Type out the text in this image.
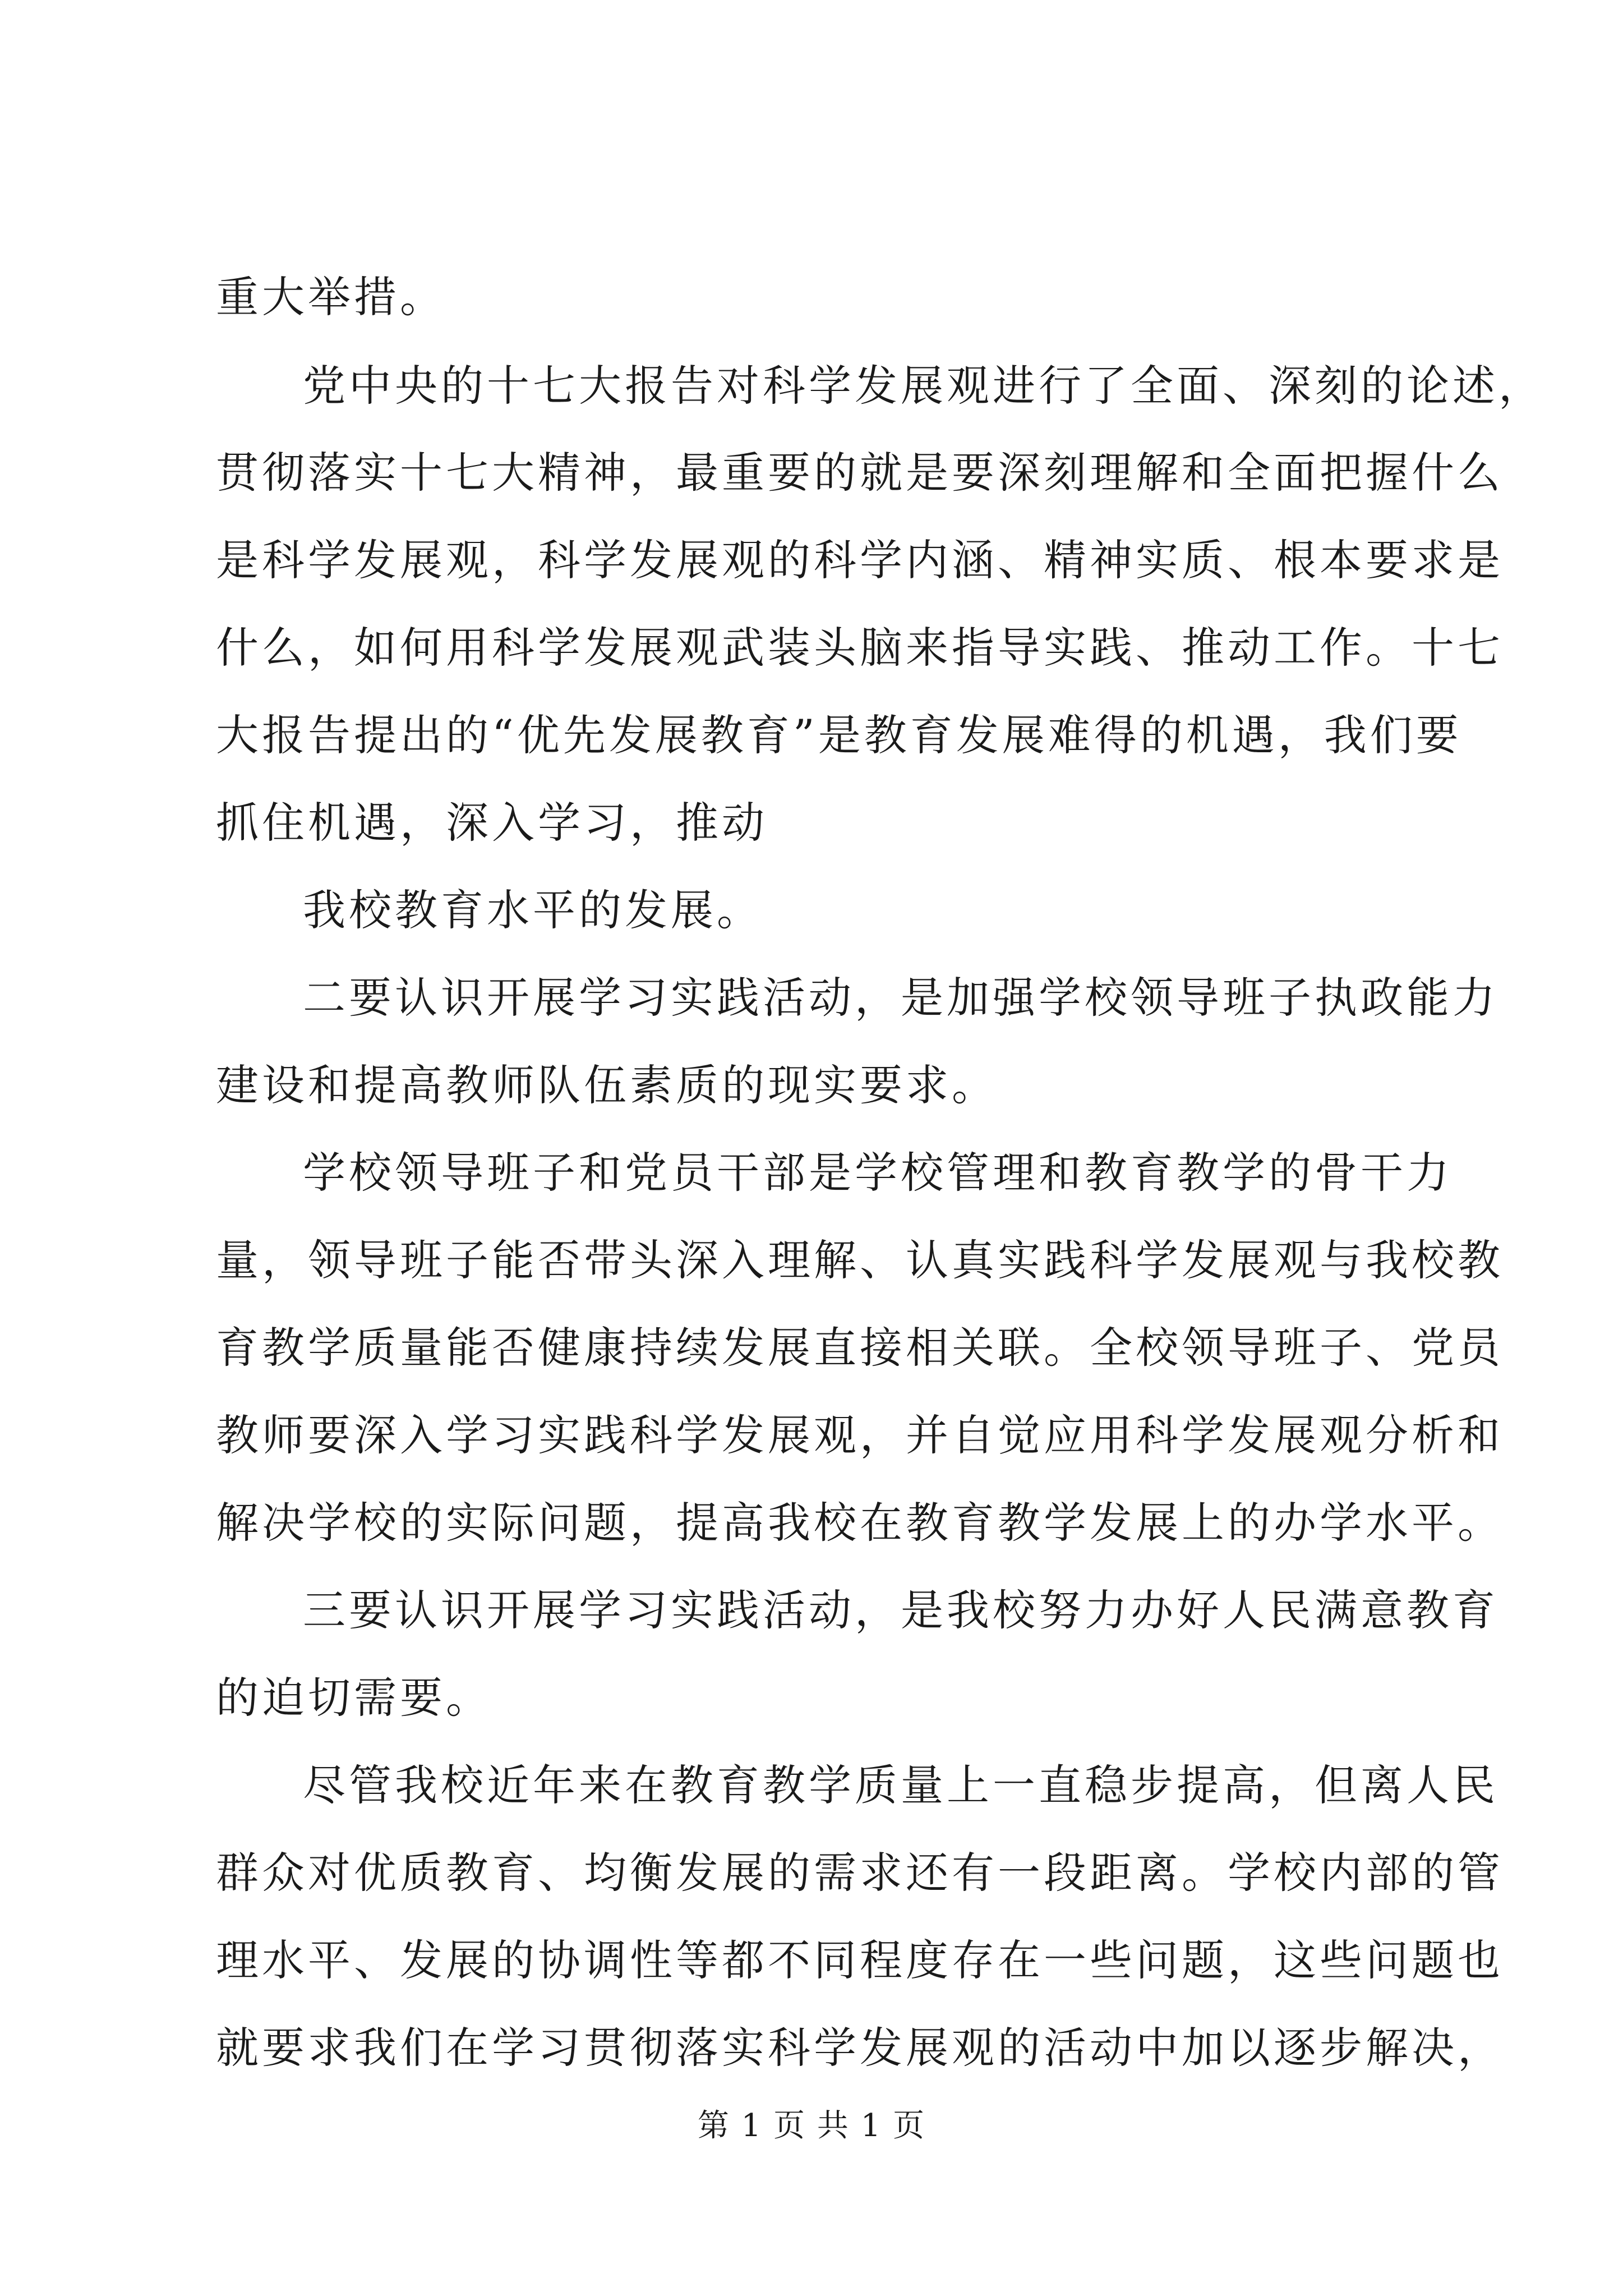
重大举措。
党中央的十七大报告对科学发展观进行了全面、深刻的论述，
贯彻落实十七大精神，最重要的就是要深刻理解和全面把握什么
是科学发展观，科学发展观的科学内涵、精神实质、根本要求是
什么，如何用科学发展观武装头脑来指导实践、推动工作。十七
大报告提出的“优先发展教育”是教育发展难得的机遇，我们要
抓住机遇，深入学习，推动
我校教育水平的发展。
二要认识开展学习实践活动，是加强学校领导班子执政能力
建设和提高教师队伍素质的现实要求。
学校领导班子和党员干部是学校管理和教育教学的骨干力
量，领导班子能否带头深入理解、认真实践科学发展观与我校教
育教学质量能否健康持续发展直接相关联。全校领导班子、党员
教师要深入学习实践科学发展观，并自觉应用科学发展观分析和
解决学校的实际问题，提高我校在教育教学发展上的办学水平。
三要认识开展学习实践活动，是我校努力办好人民满意教育
的迫切需要。
尽管我校近年来在教育教学质量上一直稳步提高，但离人民
群众对优质教育、均衡发展的需求还有一段距离。学校内部的管
理水平、发展的协调性等都不同程度存在一些问题，这些问题也
就要求我们在学习贯彻落实科学发展观的活动中加以逐步解决，
第 1 页 共 1 页
